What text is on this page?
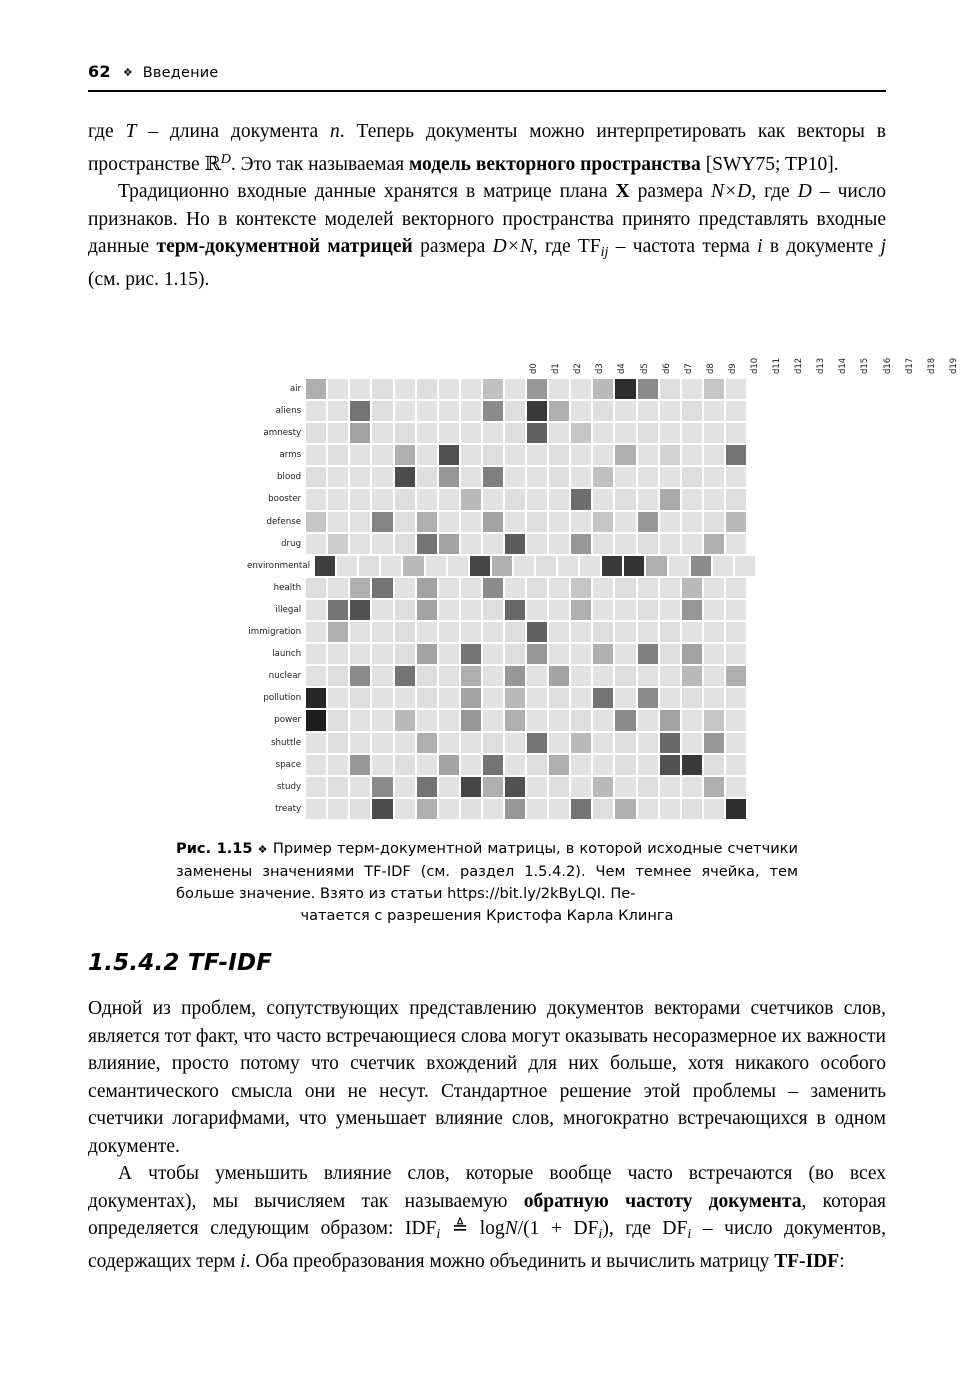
62 ❖ Введение

где T – длина документа n. Теперь документы можно интерпретировать как векторы в пространстве ℝ$^D$. Это так называемая модель векторного пространства [SWY75; TP10].

Традиционно входные данные хранятся в матрице плана X размера N×D, где D – число признаков. Но в контексте моделей векторного пространства принято представлять входные данные терм-документной матрицей размера D×N, где $TF_{ij}$ – частота терма i в документе j (см. рис. 1.15).

d0 d1 d2 d3 d4 d5 d6 d7 d8 d9 d10 d11 d12 d13 d14 d15 d16 d17 d18 d19
air
aliens
amnesty
arms
blood
booster
defense
drug
environmental
health
illegal
immigration
launch
nuclear
pollution
power
shuttle
space
study
treaty
Рис. 1.15 ❖ Пример терм-документной матрицы, в которой исходные счетчики заменены значениями TF-IDF (см. раздел 1.5.4.2). Чем темнее ячейка, тем больше значение. Взято из статьи https://bit.ly/2kByLQI. Пе-
чатается с разрешения Кристофа Карла Клинга
1.5.4.2 TF-IDF

Одной из проблем, сопутствующих представлению документов векторами счетчиков слов, является тот факт, что часто встречающиеся слова могут оказывать несоразмерное их важности влияние, просто потому что счетчик вхождений для них больше, хотя никакого особого семантического смысла они не несут. Стандартное решение этой проблемы – заменить счетчики логарифмами, что уменьшает влияние слов, многократно встречающихся в одном документе.

А чтобы уменьшить влияние слов, которые вообще часто встречаются (во всех документах), мы вычисляем так называемую обратную частоту документа, которая определяется следующим образом: $IDF_i$ ≜ $\log N/(1 + DF_i)$, где $DF_i$ – число документов, содержащих терм i. Оба преобразования можно объединить и вычислить матрицу TF-IDF:
